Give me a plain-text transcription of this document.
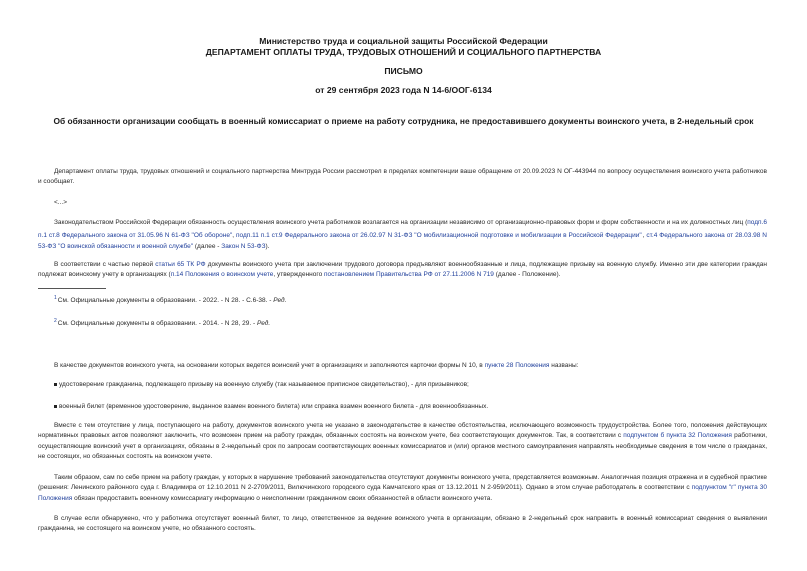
Министерство труда и социальной защиты Российской Федерации
ДЕПАРТАМЕНТ ОПЛАТЫ ТРУДА, ТРУДОВЫХ ОТНОШЕНИЙ И СОЦИАЛЬНОГО ПАРТНЕРСТВА
ПИСЬМО
от 29 сентября 2023 года N 14-6/ООГ-6134
Об обязанности организации сообщать в военный комиссариат о приеме на работу сотрудника, не предоставившего документы воинского учета, в 2-недельный срок
Департамент оплаты труда, трудовых отношений и социального партнерства Минтруда России рассмотрел в пределах компетенции ваше обращение от 20.09.2023 N ОГ-443944 по вопросу осуществления воинского учета работников и сообщает.
<...>
Законодательством Российской Федерации обязанность осуществления воинского учета работников возлагается на организации независимо от организационно-правовых форм и форм собственности и на их должностных лиц (подп.6 п.1 ст.8 Федерального закона от 31.05.96 N 61-ФЗ "Об обороне", подп.11 п.1 ст.9 Федерального закона от 26.02.97 N 31-ФЗ "О мобилизационной подготовке и мобилизации в Российской Федерации" , ст.4 Федерального закона от 28.03.98 N 53-ФЗ "О воинской обязанности и военной службе" (далее - Закон N 53-ФЗ).
В соответствии с частью первой статьи 65 ТК РФ документы воинского учета при заключении трудового договора предъявляют военнообязанные и лица, подлежащие призыву на военную службу. Именно эти две категории граждан подлежат воинскому учету в организациях (п.14 Положения о воинском учете, утвержденного постановлением Правительства РФ от 27.11.2006 N 719 (далее - Положение).
$^1$См. Официальные документы в образовании. - 2022. - N 28. - С.6-38. - Ред.
$^2$См. Официальные документы в образовании. - 2014. - N 28, 29. - Ред.
В качестве документов воинского учета, на основании которых ведется воинский учет в организациях и заполняются карточки формы N 10, в пункте 28 Положения названы:
удостоверение гражданина, подлежащего призыву на военную службу (так называемое приписное свидетельство), - для призывников;
военный билет (временное удостоверение, выданное взамен военного билета) или справка взамен военного билета - для военнообязанных.
Вместе с тем отсутствие у лица, поступающего на работу, документов воинского учета не указано в законодательстве в качестве обстоятельства, исключающего возможность трудоустройства. Более того, положения действующих нормативных правовых актов позволяют заключить, что возможен прием на работу граждан, обязанных состоять на воинском учете, без соответствующих документов. Так, в соответствии с подпунктом б пункта 32 Положения работники, осуществляющие воинский учет в организациях, обязаны в 2-недельный срок по запросам соответствующих военных комиссариатов и (или) органов местного самоуправления направлять необходимые сведения в том числе о гражданах, не состоящих, но обязанных состоять на воинском учете.
Таким образом, сам по себе прием на работу граждан, у которых в нарушение требований законодательства отсутствуют документы воинского учета, представляется возможным. Аналогичная позиция отражена и в судебной практике (решения: Ленинского районного суда г. Владимира от 12.10.2011 N 2-2709/2011, Вилючинского городского суда Камчатского края от 13.12.2011 N 2-959/2011). Однако в этом случае работодатель в соответствии с подпунктом "г" пункта 30 Положения обязан предоставить военному комиссариату информацию о неисполнении гражданином своих обязанностей в области воинского учета.
В случае если обнаружено, что у работника отсутствует военный билет, то лицо, ответственное за ведение воинского учета в организации, обязано в 2-недельный срок направить в военный комиссариат сведения о выявлении гражданина, не состоящего на воинском учете, но обязанного состоять.
